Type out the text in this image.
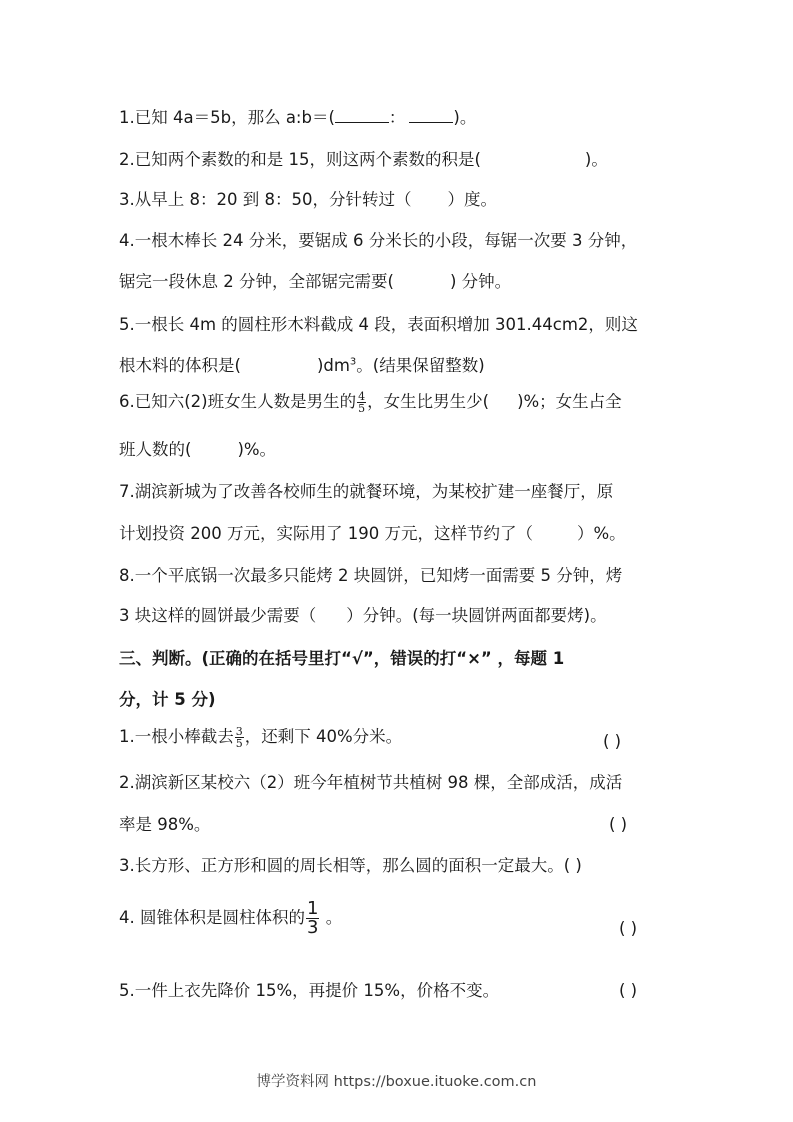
1.已知 4a＝5b，那么 a:b＝(	：	)。
2.已知两个素数的和是 15，则这两个素数的积是(	)。
3.从早上 8：20 到 8：50，分针转过（ ）度。
4.一根木棒长 24 分米，要锯成 6 分米长的小段，每锯一次要 3 分钟，
锯完一段休息 2 分钟，全部锯完需要(	) 分钟。
5.一根长 4m 的圆柱形木料截成 4 段，表面积增加 301.44cm2，则这
根木料的体积是(	)$dm^3$。(结果保留整数)
6.已知六(2)班女生人数是男生的 $\frac{4}{5}$ ，女生比男生少( )%；女生占全
班人数的(	)%。
7.湖滨新城为了改善各校师生的就餐环境，为某校扩建一座餐厅，原
计划投资 200 万元，实际用了 190 万元，这样节约了（	）%。
8.一个平底锅一次最多只能烤 2 块圆饼，已知烤一面需要 5 分钟，烤
3 块这样的圆饼最少需要（ ）分钟。(每一块圆饼两面都要烤)。
三、判断。(正确的在括号里打“√”，错误的打“×” ，每题 1
分，计 5 分)
1.一根小棒截去 $\frac{3}{5}$ ，还剩下 40%分米。	( )
2.湖滨新区某校六（2）班今年植树节共植树 98 棵，全部成活，成活
率是 98%。	( )
3.长方形、正方形和圆的周长相等，那么圆的面积一定最大。( )
4. 圆锥体积是圆柱体积的 $\frac{1}{3}$ 。
( )
5.一件上衣先降价 15%，再提价 15%，价格不变。	( )
博学资料网 https://boxue.ituoke.com.cn
